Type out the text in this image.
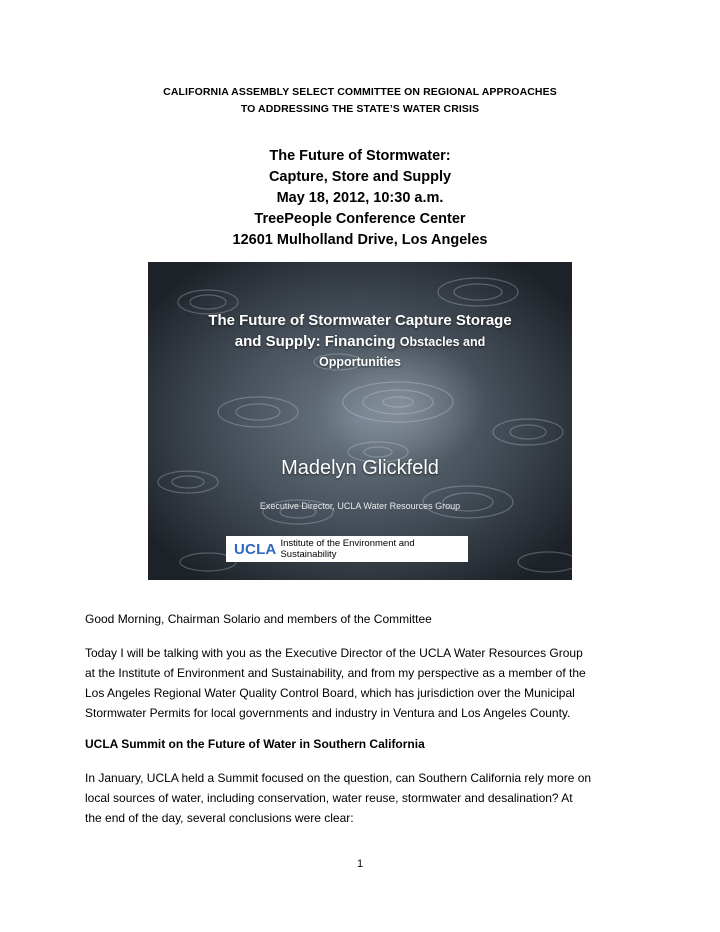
CALIFORNIA ASSEMBLY SELECT COMMITTEE ON REGIONAL APPROACHES
TO ADDRESSING THE STATE’S WATER CRISIS
The Future of Stormwater:
Capture, Store and Supply
May 18, 2012, 10:30 a.m.
TreePeople Conference Center
12601 Mulholland Drive, Los Angeles
The Future of Stormwater Capture Storage
and Supply: Financing Obstacles and
Opportunities
Madelyn Glickfeld
Executive Director, UCLA Water Resources Group
UCLA Institute of the Environment and Sustainability
Good Morning, Chairman Solario and members of the Committee
Today I will be talking with you as the Executive Director of the UCLA Water Resources Group
at the Institute of Environment and Sustainability, and from my perspective as a member of the
Los Angeles Regional Water Quality Control Board, which has jurisdiction over the Municipal
Stormwater Permits for local governments and industry in Ventura and Los Angeles County.
UCLA Summit on the Future of Water in Southern California
In January, UCLA held a Summit focused on the question, can Southern California rely more on
local sources of water, including conservation, water reuse, stormwater and desalination? At
the end of the day, several conclusions were clear:
1
